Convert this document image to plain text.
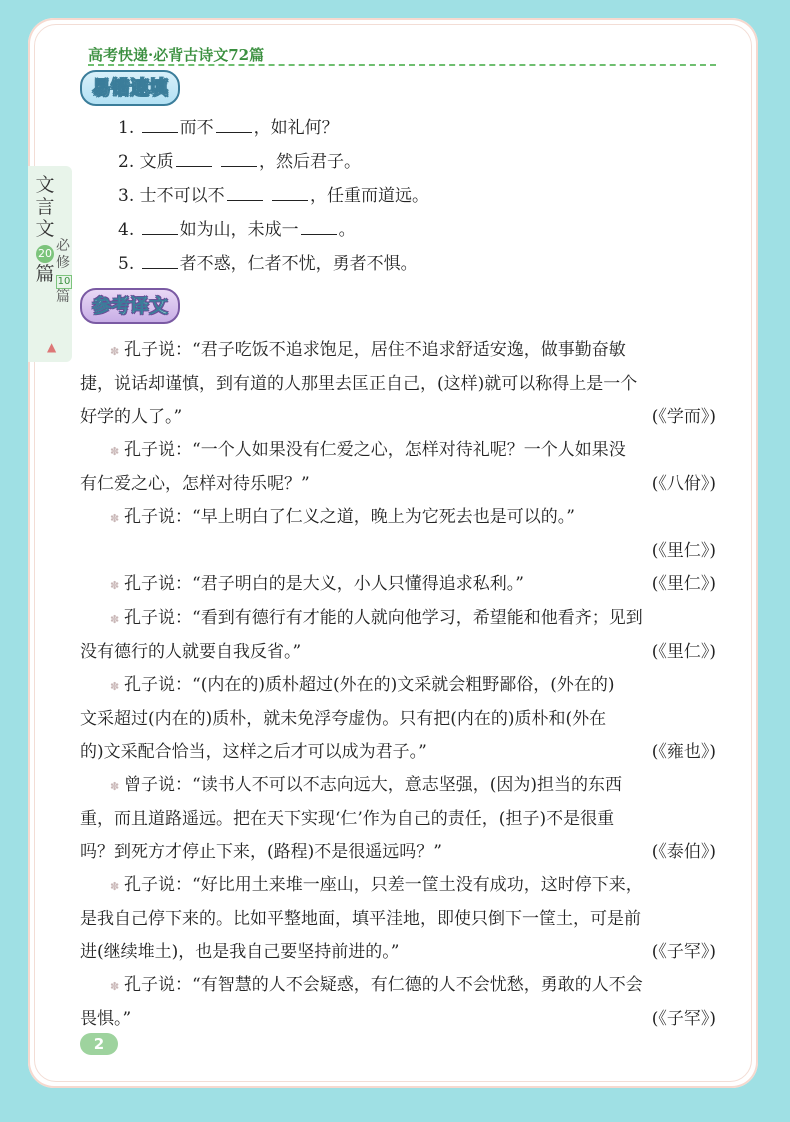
高考快递·必背古诗文72篇
文
言
文
20
篇
必
修
10
篇
▲
易错速填
1. 而不 ，如礼何？
2. 文质	，然后君子。
3. 士不可以不	，任重而道远。
4. 如为山，未成一 。
5. 者不惑，仁者不忧，勇者不惧。
参考译文
✽ 孔子说：“君子吃饭不追求饱足，居住不追求舒适安逸，做事勤奋敏
捷，说话却谨慎，到有道的人那里去匡正自己，(这样)就可以称得上是一个
好学的人了。”	(《学而》)
✽ 孔子说：“一个人如果没有仁爱之心，怎样对待礼呢？一个人如果没
有仁爱之心，怎样对待乐呢？”	(《八佾》)
✽ 孔子说：“早上明白了仁义之道，晚上为它死去也是可以的。”
(《里仁》)
✽ 孔子说：“君子明白的是大义，小人只懂得追求私利。”	(《里仁》)
✽ 孔子说：“看到有德行有才能的人就向他学习，希望能和他看齐；见到
没有德行的人就要自我反省。”	(《里仁》)
✽ 孔子说：“(内在的)质朴超过(外在的)文采就会粗野鄙俗，(外在的)
文采超过(内在的)质朴，就未免浮夸虚伪。只有把(内在的)质朴和(外在
的)文采配合恰当，这样之后才可以成为君子。”	(《雍也》)
✽ 曾子说：“读书人不可以不志向远大，意志坚强，(因为)担当的东西
重，而且道路遥远。把在天下实现‘仁’作为自己的责任，(担子)不是很重
吗？到死方才停止下来，(路程)不是很遥远吗？”	(《泰伯》)
✽ 孔子说：“好比用土来堆一座山，只差一筐土没有成功，这时停下来，
是我自己停下来的。比如平整地面，填平洼地，即使只倒下一筐土，可是前
进(继续堆土)，也是我自己要坚持前进的。”	(《子罕》)
✽ 孔子说：“有智慧的人不会疑惑，有仁德的人不会忧愁，勇敢的人不会
畏惧。”	(《子罕》)
2
